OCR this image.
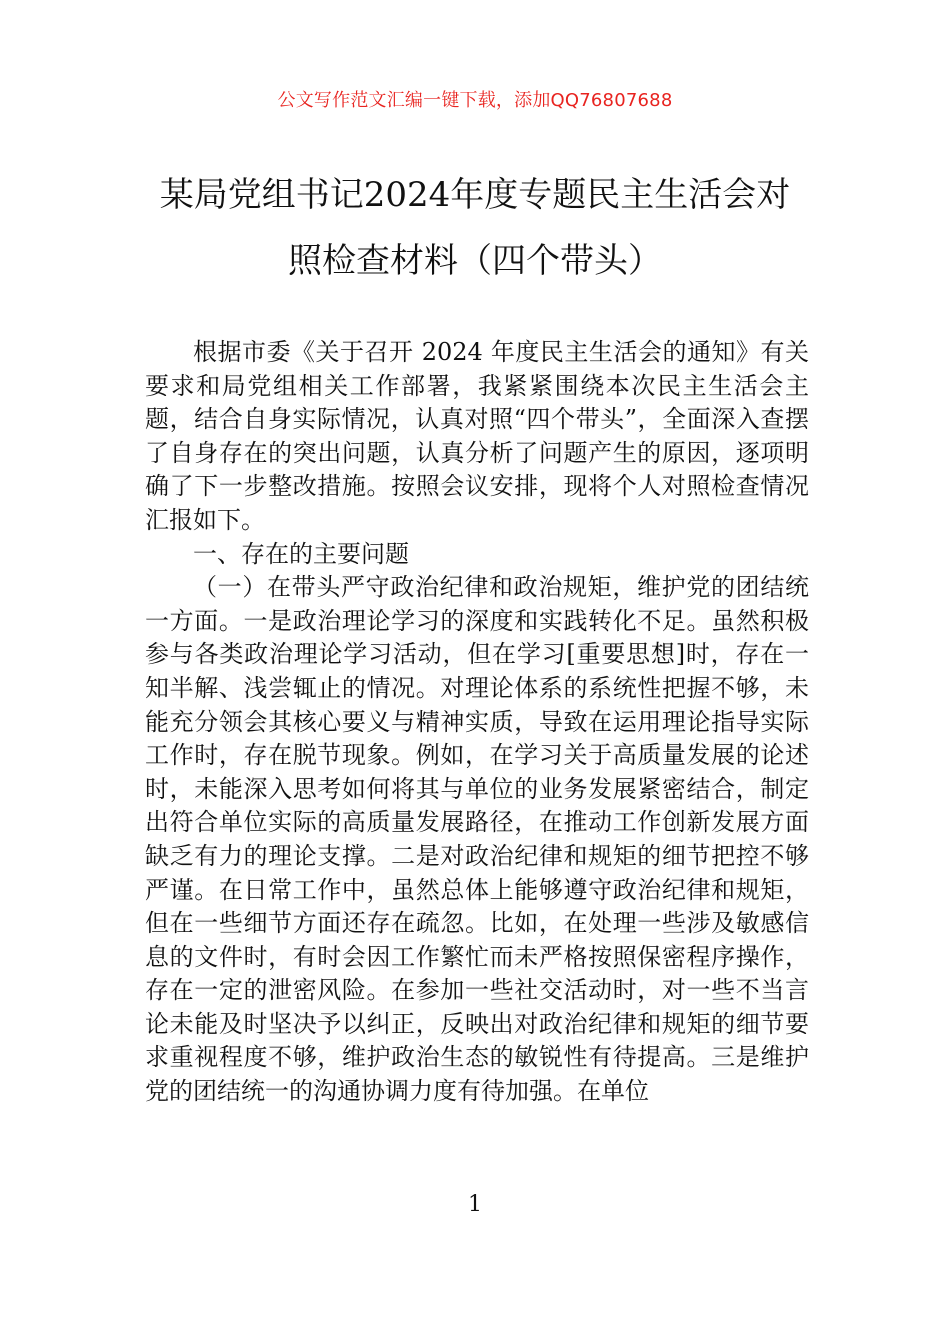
公文写作范文汇编一键下载，添加QQ76807688
某局党组书记2024年度专题民主生活会对
照检查材料（四个带头）

根据市委《关于召开 2024 年度民主生活会的通知》有关要求和局党组相关工作部署，我紧紧围绕本次民主生活会主题，结合自身实际情况，认真对照“四个带头”，全面深入查摆了自身存在的突出问题，认真分析了问题产生的原因，逐项明确了下一步整改措施。按照会议安排，现将个人对照检查情况汇报如下。

一、存在的主要问题

（一）在带头严守政治纪律和政治规矩，维护党的团结统一方面。一是政治理论学习的深度和实践转化不足。虽然积极参与各类政治理论学习活动，但在学习[重要思想]时，存在一知半解、浅尝辄止的情况。对理论体系的系统性把握不够，未能充分领会其核心要义与精神实质，导致在运用理论指导实际工作时，存在脱节现象。例如，在学习关于高质量发展的论述时，未能深入思考如何将其与单位的业务发展紧密结合，制定出符合单位实际的高质量发展路径，在推动工作创新发展方面缺乏有力的理论支撑。二是对政治纪律和规矩的细节把控不够严谨。在日常工作中，虽然总体上能够遵守政治纪律和规矩，但在一些细节方面还存在疏忽。比如，在处理一些涉及敏感信息的文件时，有时会因工作繁忙而未严格按照保密程序操作，存在一定的泄密风险。在参加一些社交活动时，对一些不当言论未能及时坚决予以纠正，反映出对政治纪律和规矩的细节要求重视程度不够，维护政治生态的敏锐性有待提高。三是维护党的团结统一的沟通协调力度有待加强。在单位

1
